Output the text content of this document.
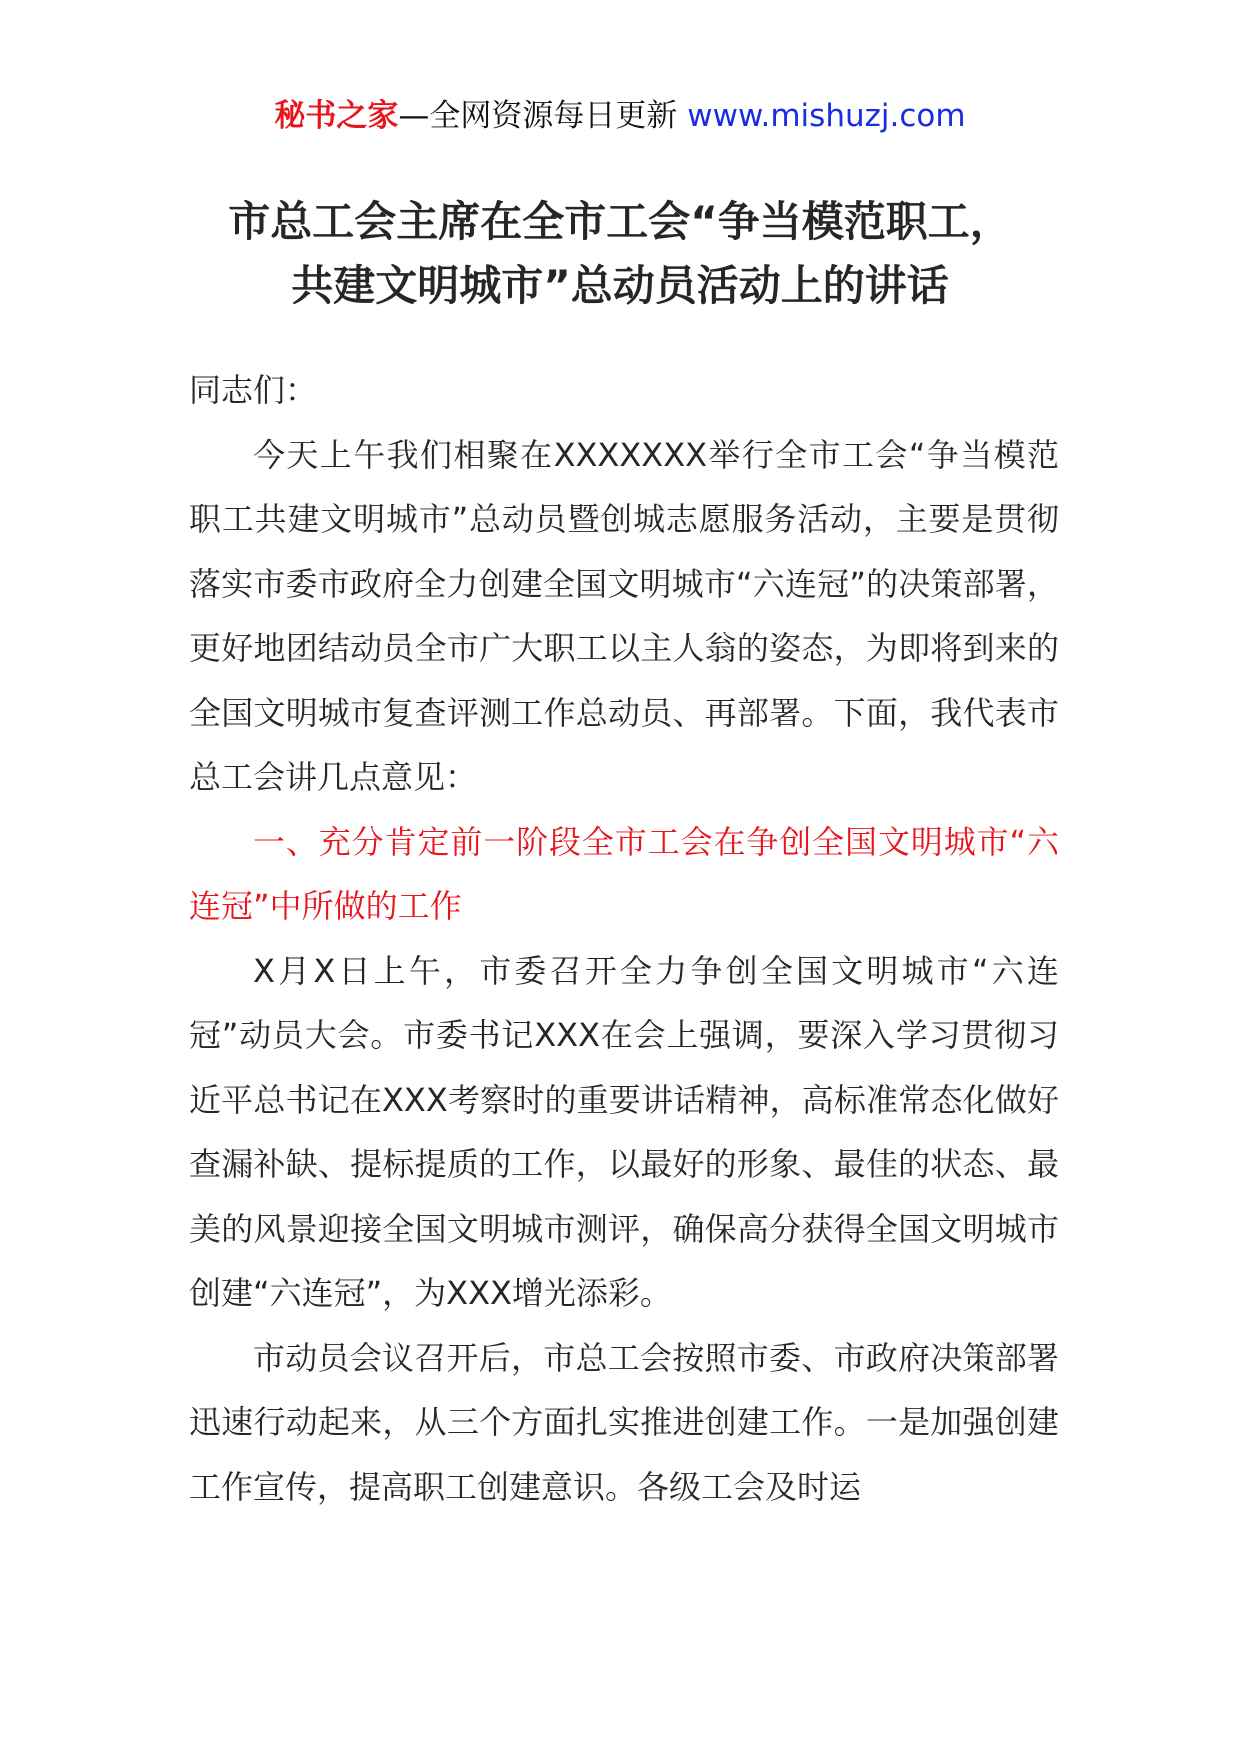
秘书之家—全网资源每日更新 www.mishuzj.com
市总工会主席在全市工会“争当模范职工，
共建文明城市”总动员活动上的讲话

同志们：

今天上午我们相聚在XXXXXXX举行全市工会“争当模范职工共建文明城市”总动员暨创城志愿服务活动，主要是贯彻落实市委市政府全力创建全国文明城市“六连冠”的决策部署，更好地团结动员全市广大职工以主人翁的姿态，为即将到来的全国文明城市复查评测工作总动员、再部署。下面，我代表市总工会讲几点意见：

一、充分肯定前一阶段全市工会在争创全国文明城市“六连冠”中所做的工作

X月X日上午，市委召开全力争创全国文明城市“六连冠”动员大会。市委书记XXX在会上强调，要深入学习贯彻习近平总书记在XXX考察时的重要讲话精神，高标准常态化做好查漏补缺、提标提质的工作，以最好的形象、最佳的状态、最美的风景迎接全国文明城市测评，确保高分获得全国文明城市创建“六连冠”，为XXX增光添彩。

市动员会议召开后，市总工会按照市委、市政府决策部署迅速行动起来，从三个方面扎实推进创建工作。一是加强创建工作宣传，提高职工创建意识。各级工会及时运
